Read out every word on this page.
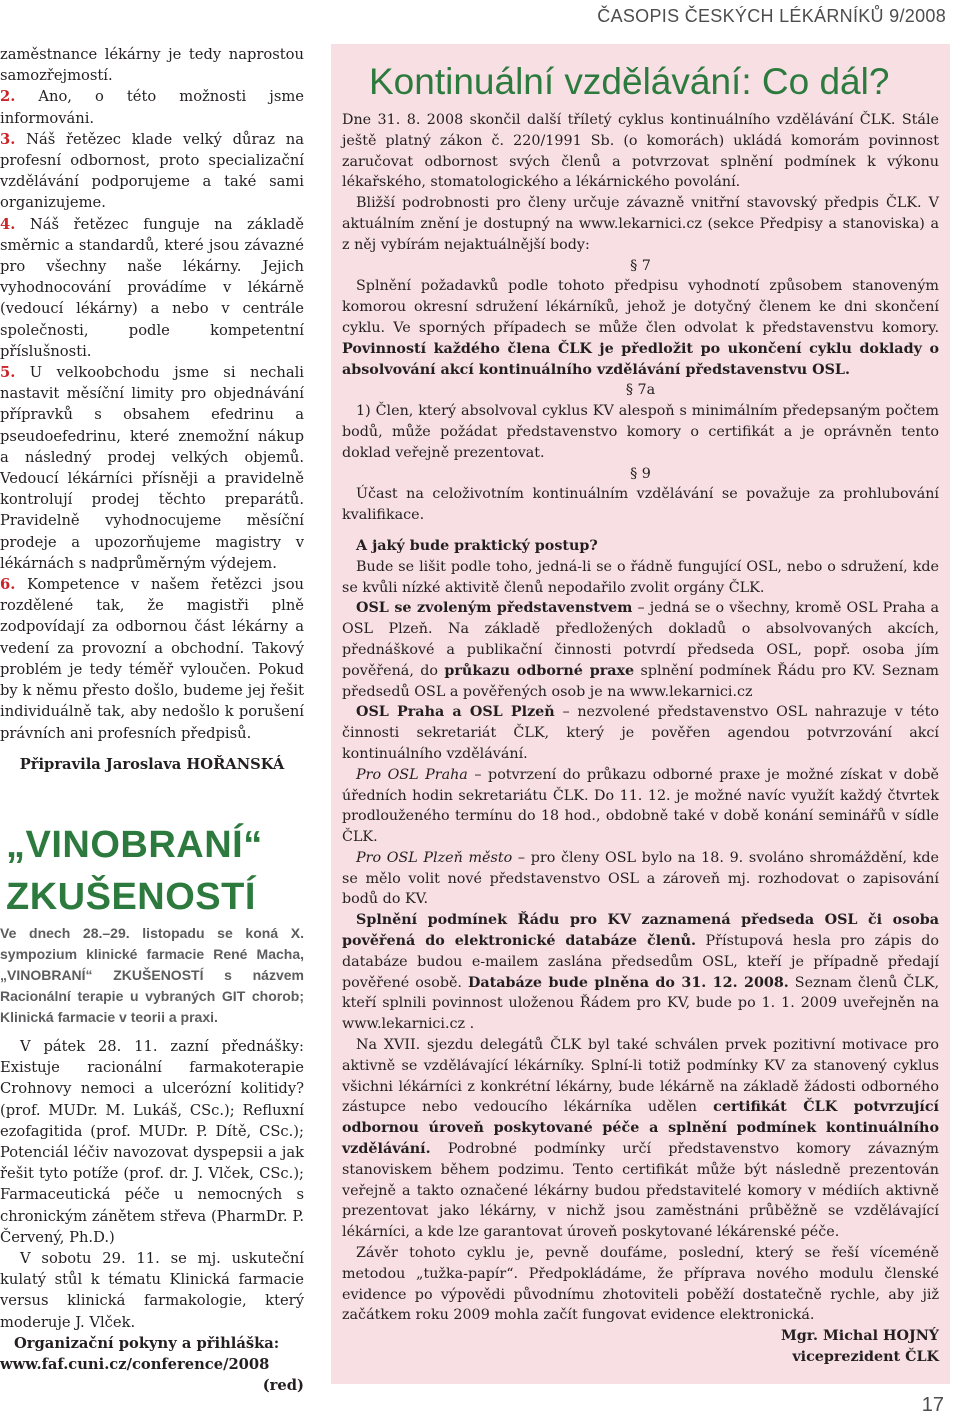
ČASOPIS ČESKÝCH LÉKÁRNÍKŮ 9/2008

zaměstnance lékárny je tedy naprostou samozřejmostí.

2. Ano, o této možnosti jsme informováni.

3. Náš řetězec klade velký důraz na profesní odbornost, proto specializační vzdělávání podporujeme a také sami organizujeme.

4. Náš řetězec funguje na základě směrnic a standardů, které jsou závazné pro všechny naše lékárny. Jejich vyhodnocování provádíme v lékárně (vedoucí lékárny) a nebo v centrále společnosti, podle kompetentní příslušnosti.

5. U velkoobchodu jsme si nechali nastavit měsíční limity pro objednávání přípravků s obsahem efedrinu a pseudoefedrinu, které znemožní nákup a následný prodej velkých objemů. Vedoucí lékárníci přísněji a pravidelně kontrolují prodej těchto preparátů. Pravidelně vyhodnocujeme měsíční prodeje a upozorňujeme magistry v lékárnách s nadprůměrným výdejem.

6. Kompetence v našem řetězci jsou rozdělené tak, že magistři plně zodpovídají za odbornou část lékárny a vedení za provozní a obchodní. Takový problém je tedy téměř vyloučen. Pokud by k němu přesto došlo, budeme jej řešit individuálně tak, aby nedošlo k porušení právních ani profesních předpisů.

Připravila Jaroslava HOŘANSKÁ

„VINOBRANÍ“
ZKUŠENOSTÍ

Ve dnech 28.–29. listopadu se koná X. sympozium klinické farmacie René Macha, „VINOBRANÍ“ ZKUŠENOSTÍ s názvem Racionální terapie u vybraných GIT chorob; Klinická farmacie v teorii a praxi.

V pátek 28. 11. zazní přednášky: Existuje racionální farmakoterapie Crohnovy nemoci a ulcerózní kolitidy? (prof. MUDr. M. Lukáš, CSc.); Refluxní ezofagitida (prof. MUDr. P. Dítě, CSc.); Potenciál léčiv navozovat dyspepsii a jak řešit tyto potíže (prof. dr. J. Vlček, CSc.); Farmaceutická péče u nemocných s chronickým zánětem střeva (PharmDr. P. Červený, Ph.D.)

V sobotu 29. 11. se mj. uskuteční kulatý stůl k tématu Klinická farmacie versus klinická farmakologie, který moderuje J. Vlček.

Organizační pokyny a přihláška:

www.faf.cuni.cz/conference/2008

(red)

Kontinuální vzdělávání: Co dál?

Dne 31. 8. 2008 skončil další tříletý cyklus kontinuálního vzdělávání ČLK. Stále ještě platný zákon č. 220/1991 Sb. (o komorách) ukládá komorám povinnost zaručovat odbornost svých členů a potvrzovat splnění podmínek k výkonu lékařského, stomatologického a lékárnického povolání.

Bližší podrobnosti pro členy určuje závazně vnitřní stavovský předpis ČLK. V aktuálním znění je dostupný na www.lekarnici.cz (sekce Předpisy a stanoviska) a z něj vybírám nejaktuálnější body:

§ 7

Splnění požadavků podle tohoto předpisu vyhodnotí způsobem stanoveným komorou okresní sdružení lékárníků, jehož je dotyčný členem ke dni skončení cyklu. Ve sporných případech se může člen odvolat k představenstvu komory. Povinností každého člena ČLK je předložit po ukončení cyklu doklady o absolvování akcí kontinuálního vzdělávání představenstvu OSL.

§ 7a

1) Člen, který absolvoval cyklus KV alespoň s minimálním předepsaným počtem bodů, může požádat představenstvo komory o certifikát a je oprávněn tento doklad veřejně prezentovat.

§ 9

Účast na celoživotním kontinuálním vzdělávání se považuje za prohlubování kvalifikace.

A jaký bude praktický postup?

Bude se lišit podle toho, jedná-li se o řádně fungující OSL, nebo o sdružení, kde se kvůli nízké aktivitě členů nepodařilo zvolit orgány ČLK.

OSL se zvoleným představenstvem – jedná se o všechny, kromě OSL Praha a OSL Plzeň. Na základě předložených dokladů o absolvovaných akcích, přednáškové a publikační činnosti potvrdí předseda OSL, popř. osoba jím pověřená, do průkazu odborné praxe splnění podmínek Řádu pro KV. Seznam předsedů OSL a pověřených osob je na www.lekarnici.cz

OSL Praha a OSL Plzeň – nezvolené představenstvo OSL nahrazuje v této činnosti sekretariát ČLK, který je pověřen agendou potvrzování akcí kontinuálního vzdělávání.

Pro OSL Praha – potvrzení do průkazu odborné praxe je možné získat v době úředních hodin sekretariátu ČLK. Do 11. 12. je možné navíc využít každý čtvrtek prodlouženého termínu do 18 hod., obdobně také v době konání seminářů v sídle ČLK.

Pro OSL Plzeň město – pro členy OSL bylo na 18. 9. svoláno shromáždění, kde se mělo volit nové představenstvo OSL a zároveň mj. rozhodovat o zapisování bodů do KV.

Splnění podmínek Řádu pro KV zaznamená předseda OSL či osoba pověřená do elektronické databáze členů. Přístupová hesla pro zápis do databáze budou e-mailem zaslána předsedům OSL, kteří je případně předají pověřené osobě. Databáze bude plněna do 31. 12. 2008. Seznam členů ČLK, kteří splnili povinnost uloženou Řádem pro KV, bude po 1. 1. 2009 uveřejněn na www.lekarnici.cz .

Na XVII. sjezdu delegátů ČLK byl také schválen prvek pozitivní motivace pro aktivně se vzdělávající lékárníky. Splní-li totiž podmínky KV za stanovený cyklus všichni lékárníci z konkrétní lékárny, bude lékárně na základě žádosti odborného zástupce nebo vedoucího lékárníka udělen certifikát ČLK potvrzující odbornou úroveň poskytované péče a splnění podmínek kontinuálního vzdělávání. Podrobné podmínky určí představenstvo komory závazným stanoviskem během podzimu. Tento certifikát může být následně prezentován veřejně a takto označené lékárny budou představitelé komory v médiích aktivně prezentovat jako lékárny, v nichž jsou zaměstnáni průběžně se vzdělávající lékárníci, a kde lze garantovat úroveň poskytované lékárenské péče.

Závěr tohoto cyklu je, pevně doufáme, poslední, který se řeší víceméně metodou „tužka-papír“. Předpokládáme, že příprava nového modulu členské evidence po výpovědi původnímu zhotoviteli poběží dostatečně rychle, aby již začátkem roku 2009 mohla začít fungovat evidence elektronická.

Mgr. Michal HOJNÝ

viceprezident ČLK

17
